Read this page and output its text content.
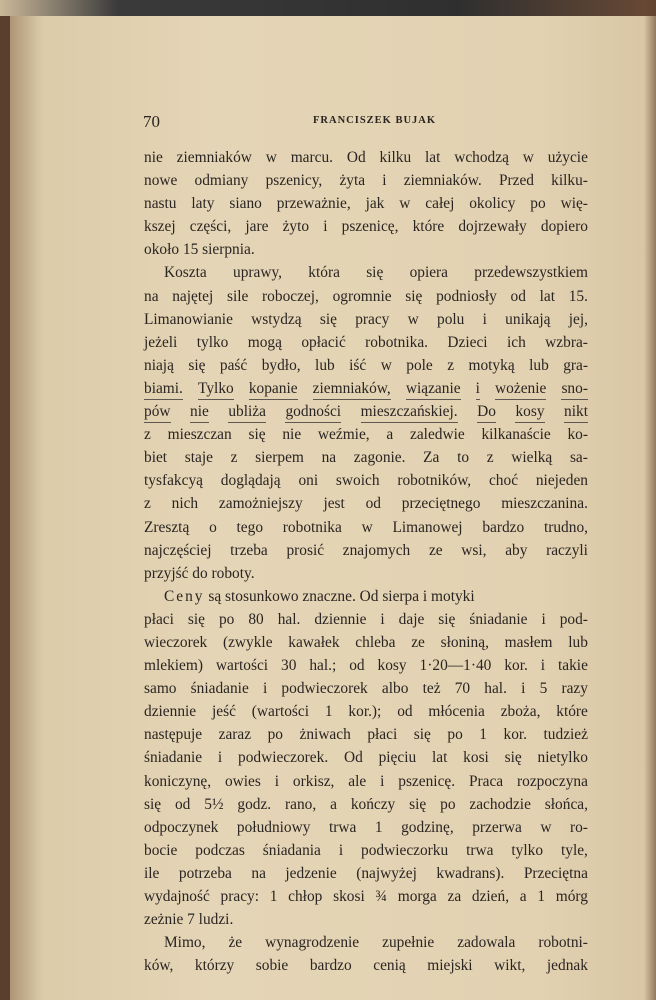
70	FRANCISZEK BUJAK
nie ziemniaków w marcu. Od kilku lat wchodzą w użycie
nowe odmiany pszenicy, żyta i ziemniaków. Przed kilku-
nastu laty siano przeważnie, jak w całej okolicy po wię-
kszej części, jare żyto i pszenicę, które dojrzewały dopiero
około 15 sierpnia.
Koszta uprawy, która się opiera przedewszystkiem
na najętej sile roboczej, ogromnie się podniosły od lat 15.
Limanowianie wstydzą się pracy w polu i unikają jej,
jeżeli tylko mogą opłacić robotnika. Dzieci ich wzbra-
niają się paść bydło, lub iść w pole z motyką lub gra-
biami. Tylko kopanie ziemniaków, wiązanie i wożenie sno-
pów nie ubliża godności mieszczańskiej. Do kosy nikt
z mieszczan się nie weźmie, a zaledwie kilkanaście ko-
biet staje z sierpem na zagonie. Za to z wielką sa-
tysfakcyą doglądają oni swoich robotników, choć niejeden
z nich zamożniejszy jest od przeciętnego mieszczanina.
Zresztą o tego robotnika w Limanowej bardzo trudno,
najczęściej trzeba prosić znajomych ze wsi, aby raczyli
przyjść do roboty.
Ceny są stosunkowo znaczne. Od sierpa i motyki
płaci się po 80 hal. dziennie i daje się śniadanie i pod-
wieczorek (zwykle kawałek chleba ze słoniną, masłem lub
mlekiem) wartości 30 hal.; od kosy 1·20—1·40 kor. i takie
samo śniadanie i podwieczorek albo też 70 hal. i 5 razy
dziennie jeść (wartości 1 kor.); od młócenia zboża, które
następuje zaraz po żniwach płaci się po 1 kor. tudzież
śniadanie i podwieczorek. Od pięciu lat kosi się nietylko
koniczynę, owies i orkisz, ale i pszenicę. Praca rozpoczyna
się od 5½ godz. rano, a kończy się po zachodzie słońca,
odpoczynek południowy trwa 1 godzinę, przerwa w ro-
bocie podczas śniadania i podwieczorku trwa tylko tyle,
ile potrzeba na jedzenie (najwyżej kwadrans). Przeciętna
wydajność pracy: 1 chłop skosi ¾ morga za dzień, a 1 mórg
zeżnie 7 ludzi.
Mimo, że wynagrodzenie zupełnie zadowala robotni-
ków, którzy sobie bardzo cenią miejski wikt, jednak
